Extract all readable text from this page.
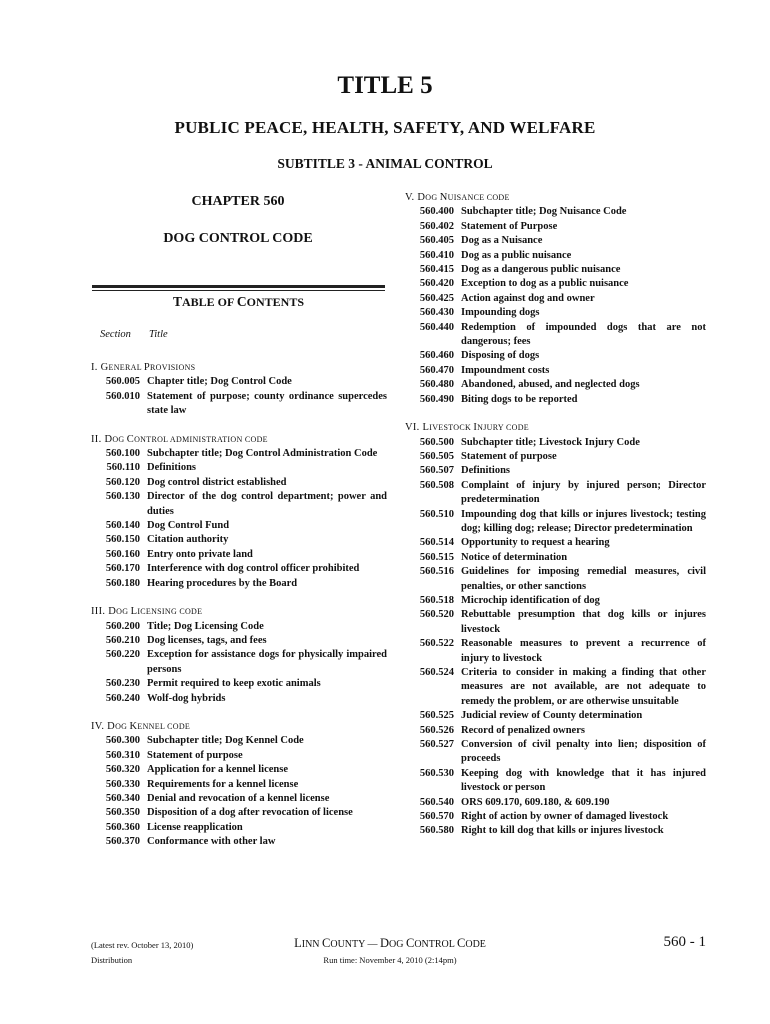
TITLE 5
PUBLIC PEACE, HEALTH, SAFETY, AND WELFARE
SUBTITLE 3 - ANIMAL CONTROL
CHAPTER 560
DOG CONTROL CODE
TABLE OF CONTENTS
Section Title
I. GENERAL PROVISIONS
560.005 Chapter title; Dog Control Code
560.010 Statement of purpose; county ordinance supercedes state law
II. DOG CONTROL ADMINISTRATION CODE
560.100 Subchapter title; Dog Control Administration Code
560.110 Definitions
560.120 Dog control district established
560.130 Director of the dog control department; power and duties
560.140 Dog Control Fund
560.150 Citation authority
560.160 Entry onto private land
560.170 Interference with dog control officer prohibited
560.180 Hearing procedures by the Board
III. DOG LICENSING CODE
560.200 Title; Dog Licensing Code
560.210 Dog licenses, tags, and fees
560.220 Exception for assistance dogs for physically impaired persons
560.230 Permit required to keep exotic animals
560.240 Wolf-dog hybrids
IV. DOG KENNEL CODE
560.300 Subchapter title; Dog Kennel Code
560.310 Statement of purpose
560.320 Application for a kennel license
560.330 Requirements for a kennel license
560.340 Denial and revocation of a kennel license
560.350 Disposition of a dog after revocation of license
560.360 License reapplication
560.370 Conformance with other law
V. DOG NUISANCE CODE
560.400 Subchapter title; Dog Nuisance Code
560.402 Statement of Purpose
560.405 Dog as a Nuisance
560.410 Dog as a public nuisance
560.415 Dog as a dangerous public nuisance
560.420 Exception to dog as a public nuisance
560.425 Action against dog and owner
560.430 Impounding dogs
560.440 Redemption of impounded dogs that are not dangerous; fees
560.460 Disposing of dogs
560.470 Impoundment costs
560.480 Abandoned, abused, and neglected dogs
560.490 Biting dogs to be reported
VI. LIVESTOCK INJURY CODE
560.500 Subchapter title; Livestock Injury Code
560.505 Statement of purpose
560.507 Definitions
560.508 Complaint of injury by injured person; Director predetermination
560.510 Impounding dog that kills or injures livestock; testing dog; killing dog; release; Director predetermination
560.514 Opportunity to request a hearing
560.515 Notice of determination
560.516 Guidelines for imposing remedial measures, civil penalties, or other sanctions
560.518 Microchip identification of dog
560.520 Rebuttable presumption that dog kills or injures livestock
560.522 Reasonable measures to prevent a recurrence of injury to livestock
560.524 Criteria to consider in making a finding that other measures are not available, are not adequate to remedy the problem, or are otherwise unsuitable
560.525 Judicial review of County determination
560.526 Record of penalized owners
560.527 Conversion of civil penalty into lien; disposition of proceeds
560.530 Keeping dog with knowledge that it has injured livestock or person
560.540 ORS 609.170, 609.180, & 609.190
560.570 Right of action by owner of damaged livestock
560.580 Right to kill dog that kills or injures livestock
(Latest rev. October 13, 2010)
Distribution
LINN COUNTY — DOG CONTROL CODE
Run time: November 4, 2010 (2:14pm)
560 - 1
